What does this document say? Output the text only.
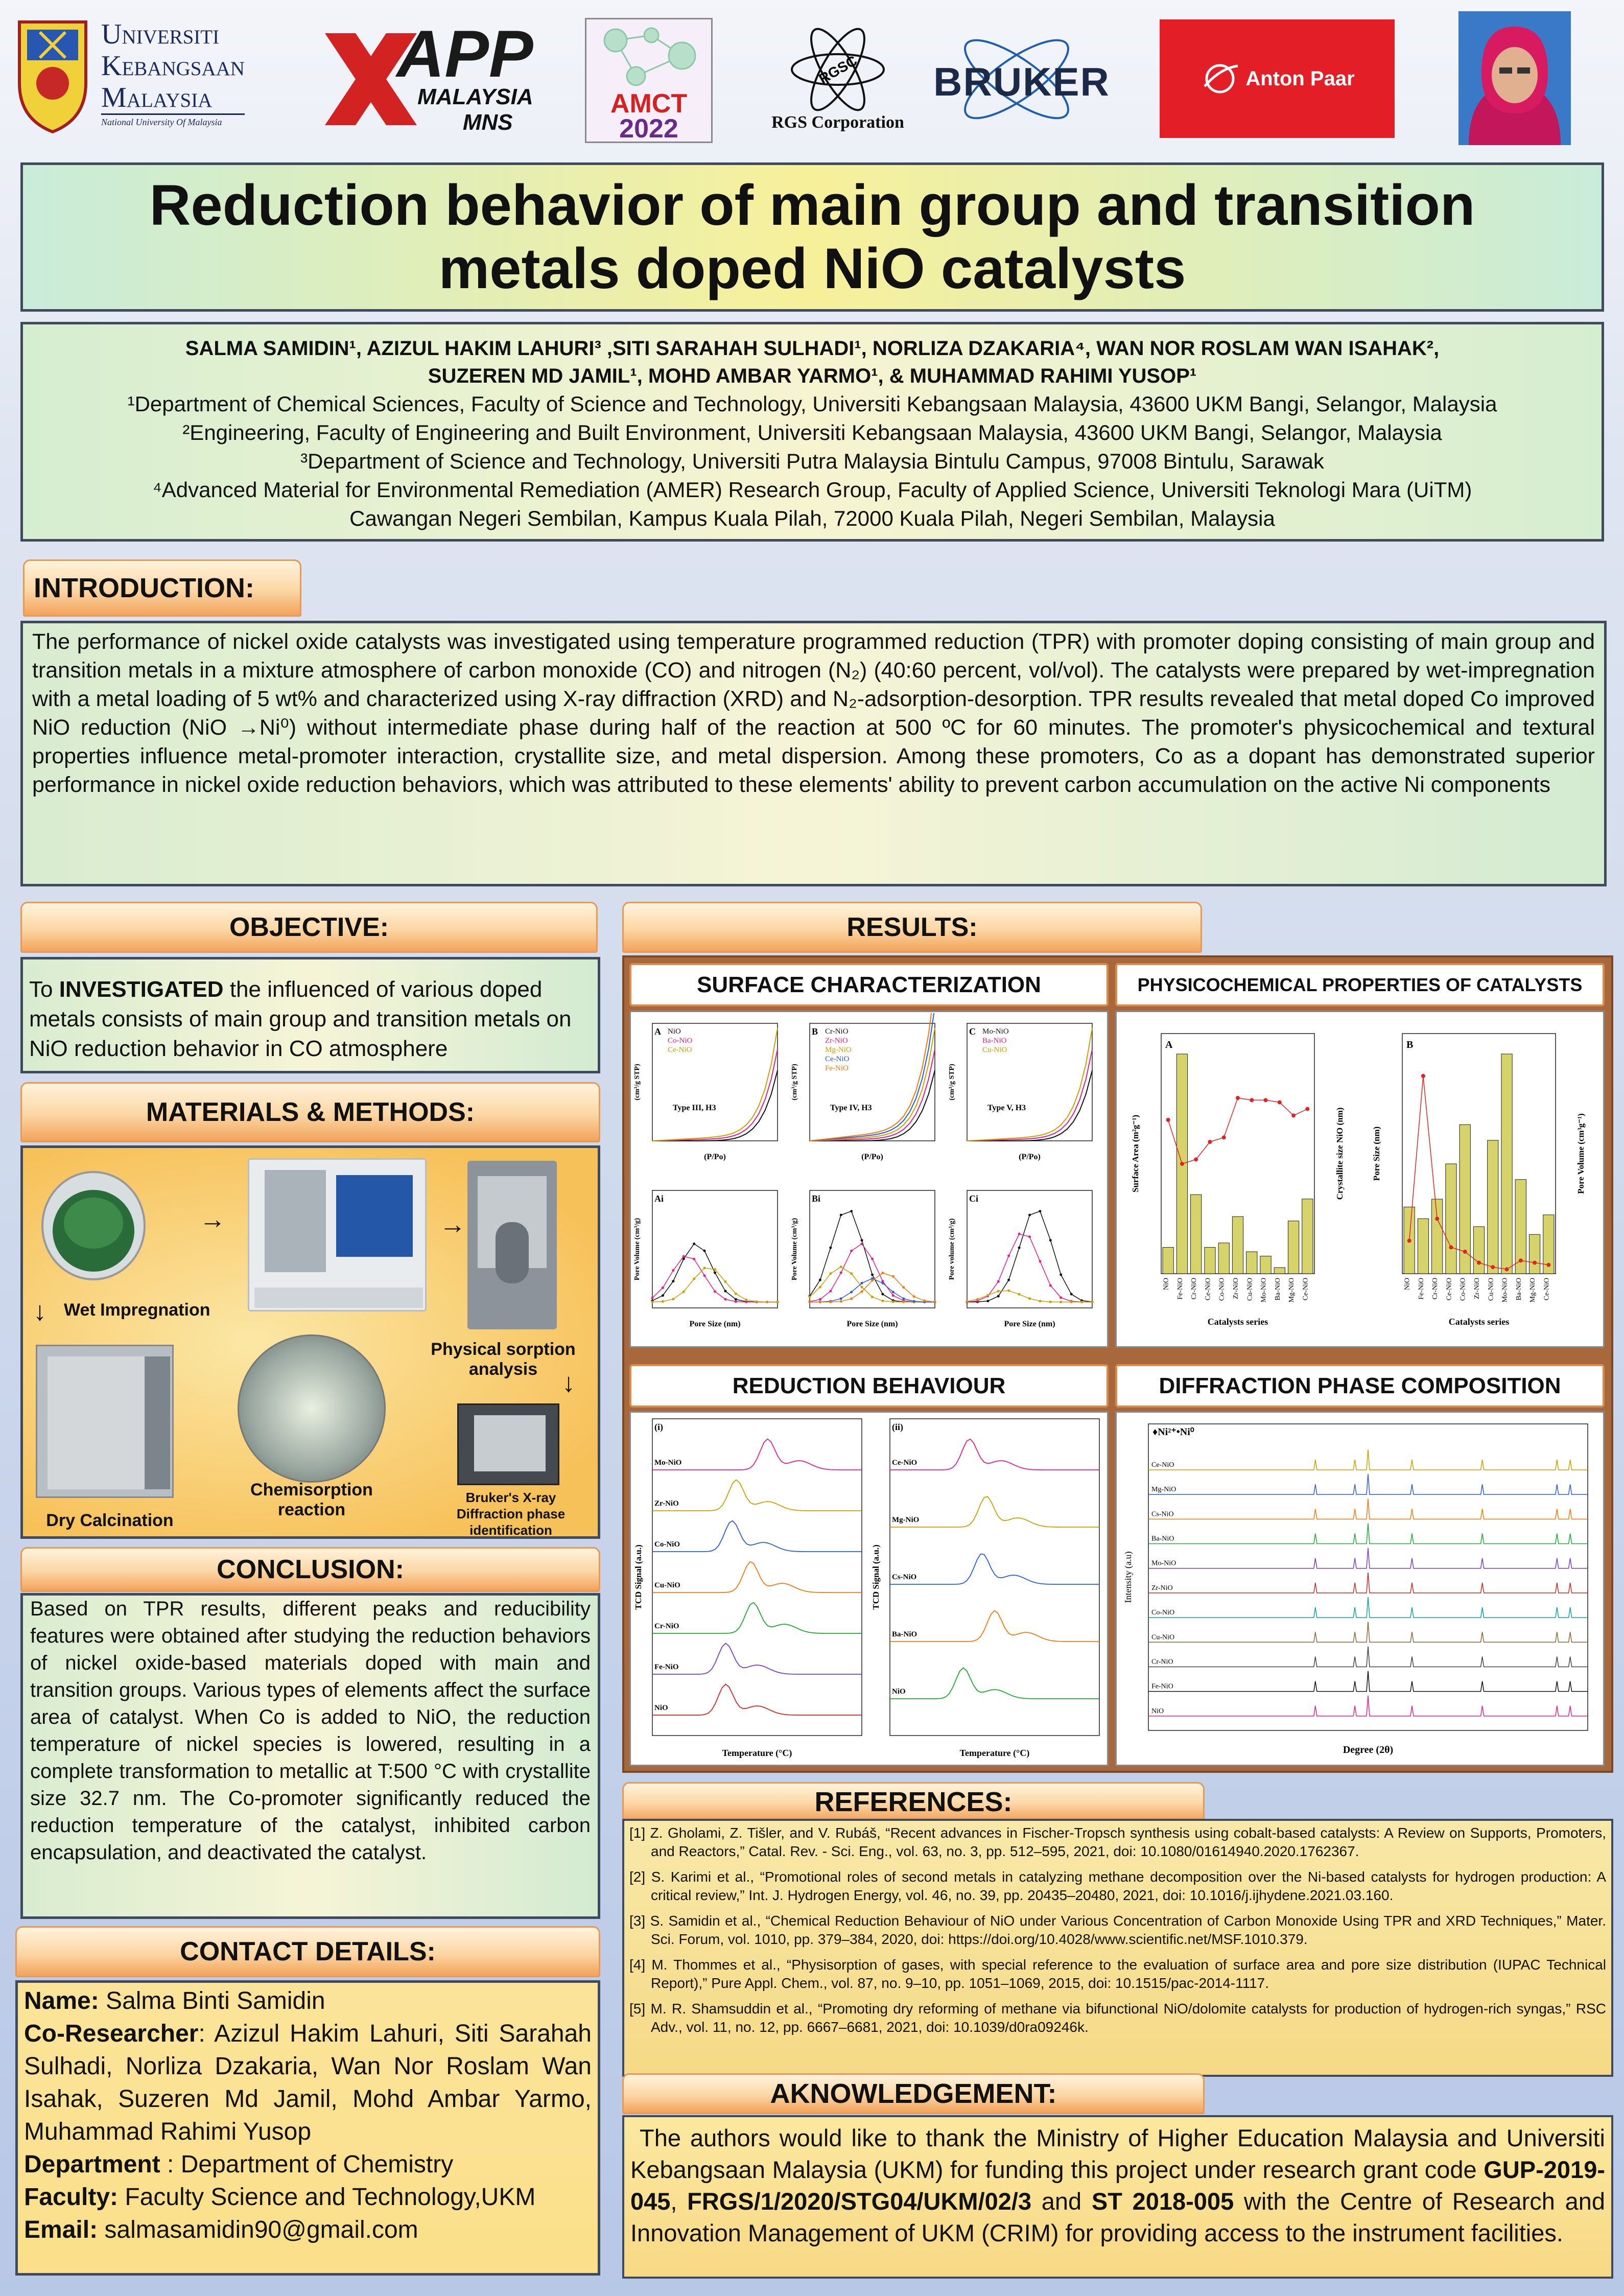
Universiti
Kebangsaan
Malaysia
National University Of Malaysia
APP
MALAYSIA
MNS
AMCT
2022
RGSC
RGS Corporation
BRUKER	Anton Paar
Reduction behavior of main group and transition
metals doped NiO catalysts
SALMA SAMIDIN¹, AZIZUL HAKIM LAHURI³ ,SITI SARAHAH SULHADI¹, NORLIZA DZAKARIA⁴, WAN NOR ROSLAM WAN ISAHAK²,
SUZEREN MD JAMIL¹, MOHD AMBAR YARMO¹, & MUHAMMAD RAHIMI YUSOP¹
¹Department of Chemical Sciences, Faculty of Science and Technology, Universiti Kebangsaan Malaysia, 43600 UKM Bangi, Selangor, Malaysia
²Engineering, Faculty of Engineering and Built Environment, Universiti Kebangsaan Malaysia, 43600 UKM Bangi, Selangor, Malaysia
³Department of Science and Technology, Universiti Putra Malaysia Bintulu Campus, 97008 Bintulu, Sarawak
⁴Advanced Material for Environmental Remediation (AMER) Research Group, Faculty of Applied Science, Universiti Teknologi Mara (UiTM)
Cawangan Negeri Sembilan, Kampus Kuala Pilah, 72000 Kuala Pilah, Negeri Sembilan, Malaysia
INTRODUCTION:

The performance of nickel oxide catalysts was investigated using temperature programmed reduction (TPR) with promoter doping consisting of main group and transition metals in a mixture atmosphere of carbon monoxide (CO) and nitrogen (N₂) (40:60 percent, vol/vol). The catalysts were prepared by wet-impregnation with a metal loading of 5 wt% and characterized using X-ray diffraction (XRD) and N₂-adsorption-desorption. TPR results revealed that metal doped Co improved NiO reduction (NiO →Ni⁰) without intermediate phase during half of the reaction at 500 ºC for 60 minutes. The promoter's physicochemical and textural properties influence metal-promoter interaction, crystallite size, and metal dispersion. Among these promoters, Co as a dopant has demonstrated superior performance in nickel oxide reduction behaviors, which was attributed to these elements' ability to prevent carbon accumulation on the active Ni components

OBJECTIVE:

To INVESTIGATED the influenced of various doped metals consists of main group and transition metals on NiO reduction behavior in CO atmosphere

MATERIALS & METHODS:
→	→
↓ Wet Impregnation
Dry Calcination
Chemisorption reaction
Physical sorption analysis ↓
Bruker's X-ray Diffraction phase identification
CONCLUSION:

Based on TPR results, different peaks and reducibility features were obtained after studying the reduction behaviors of nickel oxide-based materials doped with main and transition groups. Various types of elements affect the surface area of catalyst. When Co is added to NiO, the reduction temperature of nickel species is lowered, resulting in a complete transformation to metallic at T:500 °C with crystallite size 32.7 nm. The Co-promoter significantly reduced the reduction temperature of the catalyst, inhibited carbon encapsulation, and deactivated the catalyst.

CONTACT DETAILS:

Name: Salma Binti Samidin

Co-Researcher: Azizul Hakim Lahuri, Siti Sarahah Sulhadi, Norliza Dzakaria, Wan Nor Roslam Wan Isahak, Suzeren Md Jamil, Mohd Ambar Yarmo, Muhammad Rahimi Yusop

Department : Department of Chemistry

Faculty: Faculty Science and Technology,UKM

Email: salmasamidin90@gmail.com

RESULTS:
SURFACE CHARACTERIZATION	PHYSICOCHEMICAL PROPERTIES OF CATALYSTS
A NiO
Co-NiO
Ce-NiO
Type III, H3
(P/Po)
(cm³/g STP)
B Cr-NiO
Zr-NiO
Mg-NiO
Ce-NiO
Fe-NiO
Type IV, H3
(P/Po)
(cm³/g STP)
C Mo-NiO
Ba-NiO
Cu-NiO
Type V, H3
(P/Po)
(cm³/g STP)
Ai
Pore Size (nm)
Pore Volume (cm³/g)
Bi
Pore Size (nm)
Pore Volume (cm³/g)
Ci
Pore Size (nm)
Pore volume (cm³/g)
A
NiO Fe-NiO Cr-NiO Ce-NiO Co-NiO Zr-NiO Cu-NiO Mo-NiO Ba-NiO Mg-NiO Ce-NiO
Catalysts series
Surface Area (m²g⁻¹)	Crystallite size NiO (nm)
B
NiO Fe-NiO Cr-NiO Ce-NiO Co-NiO Zr-NiO Cu-NiO Mo-NiO Ba-NiO Mg-NiO Ce-NiO
Catalysts series
Pore Size (nm)	Pore Volume (cm³g⁻¹)
REDUCTION BEHAVIOUR	DIFFRACTION PHASE COMPOSITION
(i)
Mo-NiO
Zr-NiO
Co-NiO
Cu-NiO
Cr-NiO
Fe-NiO
NiO
Temperature (°C)
TCD Signal (a.u.)
(ii)
Ce-NiO
Mg-NiO
Cs-NiO
Ba-NiO
NiO
Temperature (°C)
TCD Signal (a.u.)
♦Ni²⁺•Ni⁰
Ce-NiO
Mg-NiO
Cs-NiO
Ba-NiO
Mo-NiO
Zr-NiO
Co-NiO
Cu-NiO
Cr-NiO
Fe-NiO
NiO
Degree (2θ)
Intensity (a.u)
REFERENCES:

[1] Z. Gholami, Z. Tišler, and V. Rubáš, “Recent advances in Fischer-Tropsch synthesis using cobalt-based catalysts: A Review on Supports, Promoters, and Reactors,” Catal. Rev. - Sci. Eng., vol. 63, no. 3, pp. 512–595, 2021, doi: 10.1080/01614940.2020.1762367.

[2] S. Karimi et al., “Promotional roles of second metals in catalyzing methane decomposition over the Ni-based catalysts for hydrogen production: A critical review,” Int. J. Hydrogen Energy, vol. 46, no. 39, pp. 20435–20480, 2021, doi: 10.1016/j.ijhydene.2021.03.160.

[3] S. Samidin et al., “Chemical Reduction Behaviour of NiO under Various Concentration of Carbon Monoxide Using TPR and XRD Techniques,” Mater. Sci. Forum, vol. 1010, pp. 379–384, 2020, doi: https://doi.org/10.4028/www.scientific.net/MSF.1010.379.

[4] M. Thommes et al., “Physisorption of gases, with special reference to the evaluation of surface area and pore size distribution (IUPAC Technical Report),” Pure Appl. Chem., vol. 87, no. 9–10, pp. 1051–1069, 2015, doi: 10.1515/pac-2014-1117.

[5] M. R. Shamsuddin et al., “Promoting dry reforming of methane via bifunctional NiO/dolomite catalysts for production of hydrogen-rich syngas,” RSC Adv., vol. 11, no. 12, pp. 6667–6681, 2021, doi: 10.1039/d0ra09246k.

AKNOWLEDGEMENT:

The authors would like to thank the Ministry of Higher Education Malaysia and Universiti Kebangsaan Malaysia (UKM) for funding this project under research grant code GUP-2019-045, FRGS/1/2020/STG04/UKM/02/3 and ST 2018-005 with the Centre of Research and Innovation Management of UKM (CRIM) for providing access to the instrument facilities.
